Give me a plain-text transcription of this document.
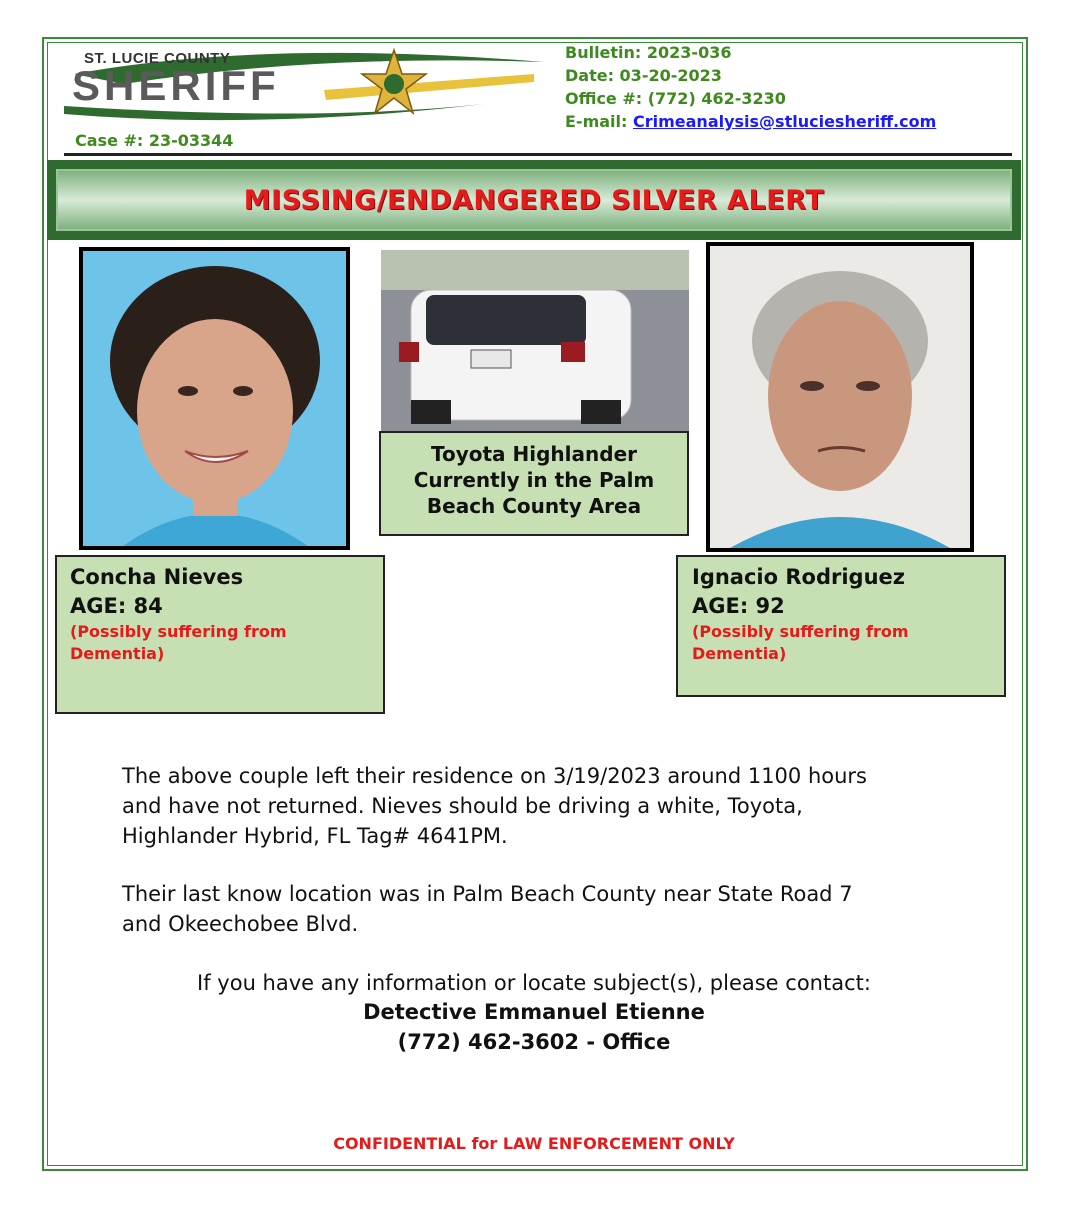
ST. LUCIE COUNTY
SHERIFF
Case #: 23-03344
Bulletin: 2023-036
Date: 03-20-2023
Office #: (772) 462-3230
E-mail: Crimeanalysis@stluciesheriff.com
MISSING/ENDANGERED SILVER ALERT
Toyota Highlander
Currently in the Palm
Beach County Area
Concha Nieves
AGE: 84
(Possibly suffering from
Dementia)
Ignacio Rodriguez
AGE: 92
(Possibly suffering from
Dementia)
The above couple left their residence on 3/19/2023 around 1100 hours
and have not returned. Nieves should be driving a white, Toyota,
Highlander Hybrid, FL Tag# 4641PM.
Their last know location was in Palm Beach County near State Road 7
and Okeechobee Blvd.
If you have any information or locate subject(s), please contact:
Detective Emmanuel Etienne
(772) 462-3602 - Office
CONFIDENTIAL for LAW ENFORCEMENT ONLY
